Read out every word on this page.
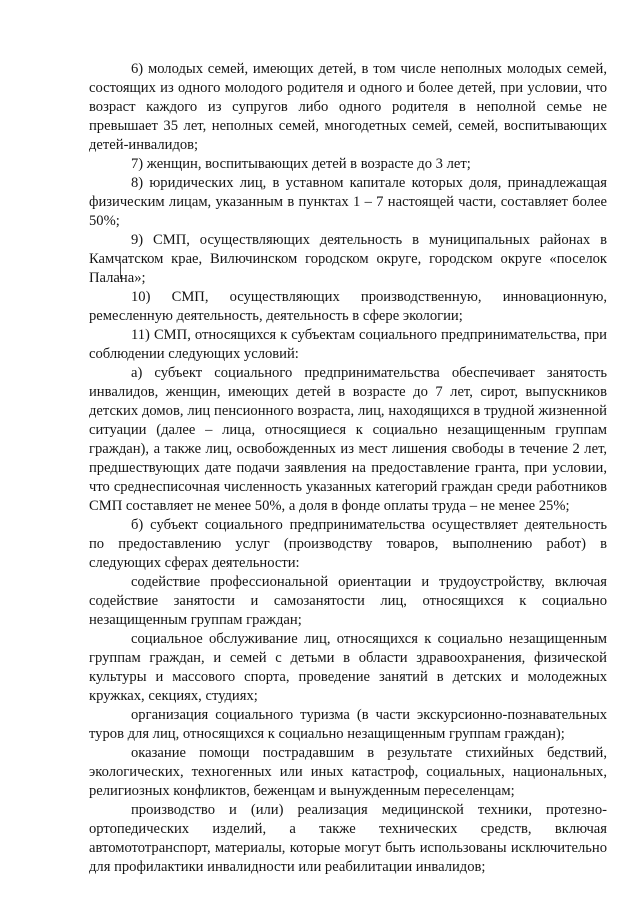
6) молодых семей, имеющих детей, в том числе неполных молодых семей, состоящих из одного молодого родителя и одного и более детей, при условии, что возраст каждого из супругов либо одного родителя в неполной семье не превышает 35 лет, неполных семей, многодетных семей, семей, воспитывающих детей-инвалидов;

7) женщин, воспитывающих детей в возрасте до 3 лет;

8) юридических лиц, в уставном капитале которых доля, принадлежащая физическим лицам, указанным в пунктах 1 – 7 настоящей части, составляет более 50%;

9) СМП, осуществляющих деятельность в муниципальных районах в Камчатском крае, Вилючинском городском округе, городском округе «поселок Палана»;

10) СМП, осуществляющих производственную, инновационную, ремесленную деятельность, деятельность в сфере экологии;

11) СМП, относящихся к субъектам социального предпринимательства, при соблюдении следующих условий:

а) субъект социального предпринимательства обеспечивает занятость инвалидов, женщин, имеющих детей в возрасте до 7 лет, сирот, выпускников детских домов, лиц пенсионного возраста, лиц, находящихся в трудной жизненной ситуации (далее – лица, относящиеся к социально незащищенным группам граждан), а также лиц, освобожденных из мест лишения свободы в течение 2 лет, предшествующих дате подачи заявления на предоставление гранта, при условии, что среднесписочная численность указанных категорий граждан среди работников СМП составляет не менее 50%, а доля в фонде оплаты труда – не менее 25%;

б) субъект социального предпринимательства осуществляет деятельность по предоставлению услуг (производству товаров, выполнению работ) в следующих сферах деятельности:

содействие профессиональной ориентации и трудоустройству, включая содействие занятости и самозанятости лиц, относящихся к социально незащищенным группам граждан;

социальное обслуживание лиц, относящихся к социально незащищенным группам граждан, и семей с детьми в области здравоохранения, физической культуры и массового спорта, проведение занятий в детских и молодежных кружках, секциях, студиях;

организация социального туризма (в части экскурсионно-познавательных туров для лиц, относящихся к социально незащищенным группам граждан);

оказание помощи пострадавшим в результате стихийных бедствий, экологических, техногенных или иных катастроф, социальных, национальных, религиозных конфликтов, беженцам и вынужденным переселенцам;

производство и (или) реализация медицинской техники, протезно-ортопедических изделий, а также технических средств, включая автомототранспорт, материалы, которые могут быть использованы исключительно для профилактики инвалидности или реабилитации инвалидов;
